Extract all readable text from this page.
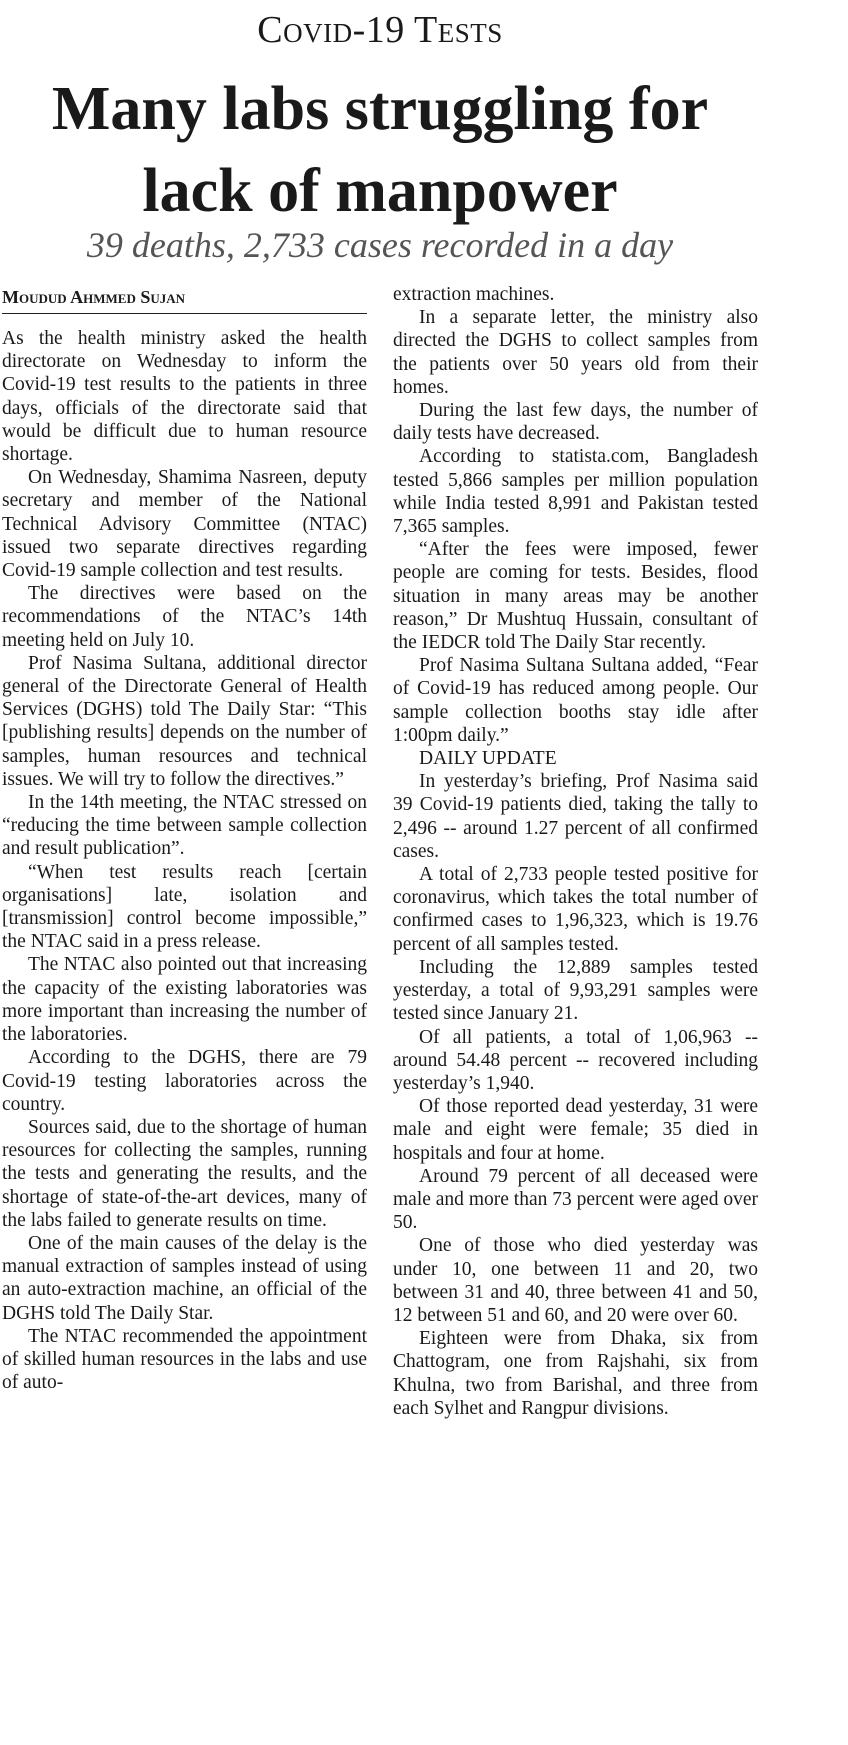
Covid-19 Tests
Many labs struggling for lack of manpower
39 deaths, 2,733 cases recorded in a day
Moudud Ahmmed Sujan

As the health ministry asked the health directorate on Wednesday to inform the Covid-19 test results to the patients in three days, officials of the directorate said that would be difficult due to human resource shortage.

On Wednesday, Shamima Nasreen, deputy secretary and member of the National Technical Advisory Committee (NTAC) issued two separate directives regarding Covid-19 sample collection and test results.

The directives were based on the recommendations of the NTAC’s 14th meeting held on July 10.

Prof Nasima Sultana, additional director general of the Directorate General of Health Services (DGHS) told The Daily Star: “This [publishing results] depends on the number of samples, human resources and technical issues. We will try to follow the directives.”

In the 14th meeting, the NTAC stressed on “reducing the time between sample collection and result publication”.

“When test results reach [certain organisations] late, isolation and [transmission] control become impossible,” the NTAC said in a press release.

The NTAC also pointed out that increasing the capacity of the existing laboratories was more important than increasing the number of the laboratories.

According to the DGHS, there are 79 Covid-19 testing laboratories across the country.

Sources said, due to the shortage of human resources for collecting the samples, running the tests and generating the results, and the shortage of state-of-the-art devices, many of the labs failed to generate results on time.

One of the main causes of the delay is the manual extraction of samples instead of using an auto-extraction machine, an official of the DGHS told The Daily Star.

The NTAC recommended the appointment of skilled human resources in the labs and use of auto-

extraction machines.

In a separate letter, the ministry also directed the DGHS to collect samples from the patients over 50 years old from their homes.

During the last few days, the number of daily tests have decreased.

According to statista.com, Bangladesh tested 5,866 samples per million population while India tested 8,991 and Pakistan tested 7,365 samples.

“After the fees were imposed, fewer people are coming for tests. Besides, flood situation in many areas may be another reason,” Dr Mushtuq Hussain, consultant of the IEDCR told The Daily Star recently.

Prof Nasima Sultana Sultana added, “Fear of Covid-19 has reduced among people. Our sample collection booths stay idle after 1:00pm daily.”

DAILY UPDATE

In yesterday’s briefing, Prof Nasima said 39 Covid-19 patients died, taking the tally to 2,496 -- around 1.27 percent of all confirmed cases.

A total of 2,733 people tested positive for coronavirus, which takes the total number of confirmed cases to 1,96,323, which is 19.76 percent of all samples tested.

Including the 12,889 samples tested yesterday, a total of 9,93,291 samples were tested since January 21.

Of all patients, a total of 1,06,963 -- around 54.48 percent -- recovered including yesterday’s 1,940.

Of those reported dead yesterday, 31 were male and eight were female; 35 died in hospitals and four at home.

Around 79 percent of all deceased were male and more than 73 percent were aged over 50.

One of those who died yesterday was under 10, one between 11 and 20, two between 31 and 40, three between 41 and 50, 12 between 51 and 60, and 20 were over 60.

Eighteen were from Dhaka, six from Chattogram, one from Rajshahi, six from Khulna, two from Barishal, and three from each Sylhet and Rangpur divisions.
